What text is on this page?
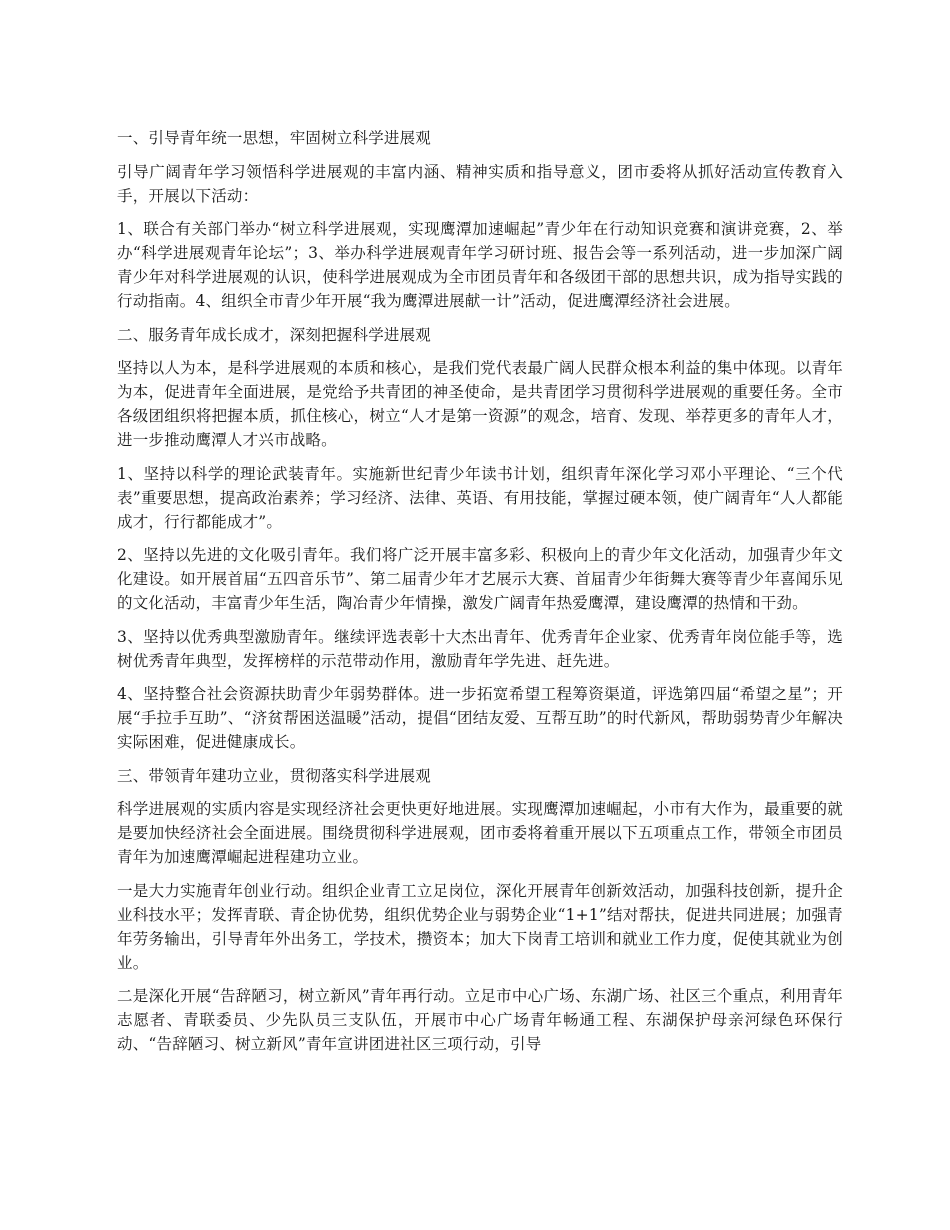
一、引导青年统一思想，牢固树立科学进展观

引导广阔青年学习领悟科学进展观的丰富内涵、精神实质和指导意义，团市委将从抓好活动宣传教育入手，开展以下活动：

1、联合有关部门举办“树立科学进展观，实现鹰潭加速崛起”青少年在行动知识竞赛和演讲竞赛，2、举办“科学进展观青年论坛”；3、举办科学进展观青年学习研讨班、报告会等一系列活动，进一步加深广阔青少年对科学进展观的认识，使科学进展观成为全市团员青年和各级团干部的思想共识，成为指导实践的行动指南。4、组织全市青少年开展“我为鹰潭进展献一计”活动，促进鹰潭经济社会进展。

二、服务青年成长成才，深刻把握科学进展观

坚持以人为本，是科学进展观的本质和核心，是我们党代表最广阔人民群众根本利益的集中体现。以青年为本，促进青年全面进展，是党给予共青团的神圣使命，是共青团学习贯彻科学进展观的重要任务。全市各级团组织将把握本质，抓住核心，树立“人才是第一资源”的观念，培育、发现、举荐更多的青年人才，进一步推动鹰潭人才兴市战略。

1、坚持以科学的理论武装青年。实施新世纪青少年读书计划，组织青年深化学习邓小平理论、“三个代表”重要思想，提高政治素养；学习经济、法律、英语、有用技能，掌握过硬本领，使广阔青年“人人都能成才，行行都能成才”。

2、坚持以先进的文化吸引青年。我们将广泛开展丰富多彩、积极向上的青少年文化活动，加强青少年文化建设。如开展首届“五四音乐节”、第二届青少年才艺展示大赛、首届青少年街舞大赛等青少年喜闻乐见的文化活动，丰富青少年生活，陶冶青少年情操，激发广阔青年热爱鹰潭，建设鹰潭的热情和干劲。

3、坚持以优秀典型激励青年。继续评选表彰十大杰出青年、优秀青年企业家、优秀青年岗位能手等，选树优秀青年典型，发挥榜样的示范带动作用，激励青年学先进、赶先进。

4、坚持整合社会资源扶助青少年弱势群体。进一步拓宽希望工程筹资渠道，评选第四届“希望之星”；开展“手拉手互助”、“济贫帮困送温暖”活动，提倡“团结友爱、互帮互助”的时代新风，帮助弱势青少年解决实际困难，促进健康成长。

三、带领青年建功立业，贯彻落实科学进展观

科学进展观的实质内容是实现经济社会更快更好地进展。实现鹰潭加速崛起，小市有大作为，最重要的就是要加快经济社会全面进展。围绕贯彻科学进展观，团市委将着重开展以下五项重点工作，带领全市团员青年为加速鹰潭崛起进程建功立业。

一是大力实施青年创业行动。组织企业青工立足岗位，深化开展青年创新效活动，加强科技创新，提升企业科技水平；发挥青联、青企协优势，组织优势企业与弱势企业“1+1”结对帮扶，促进共同进展；加强青年劳务输出，引导青年外出务工，学技术，攒资本；加大下岗青工培训和就业工作力度，促使其就业为创业。

二是深化开展“告辞陋习，树立新风”青年再行动。立足市中心广场、东湖广场、社区三个重点，利用青年志愿者、青联委员、少先队员三支队伍，开展市中心广场青年畅通工程、东湖保护母亲河绿色环保行动、“告辞陋习、树立新风”青年宣讲团进社区三项行动，引导
